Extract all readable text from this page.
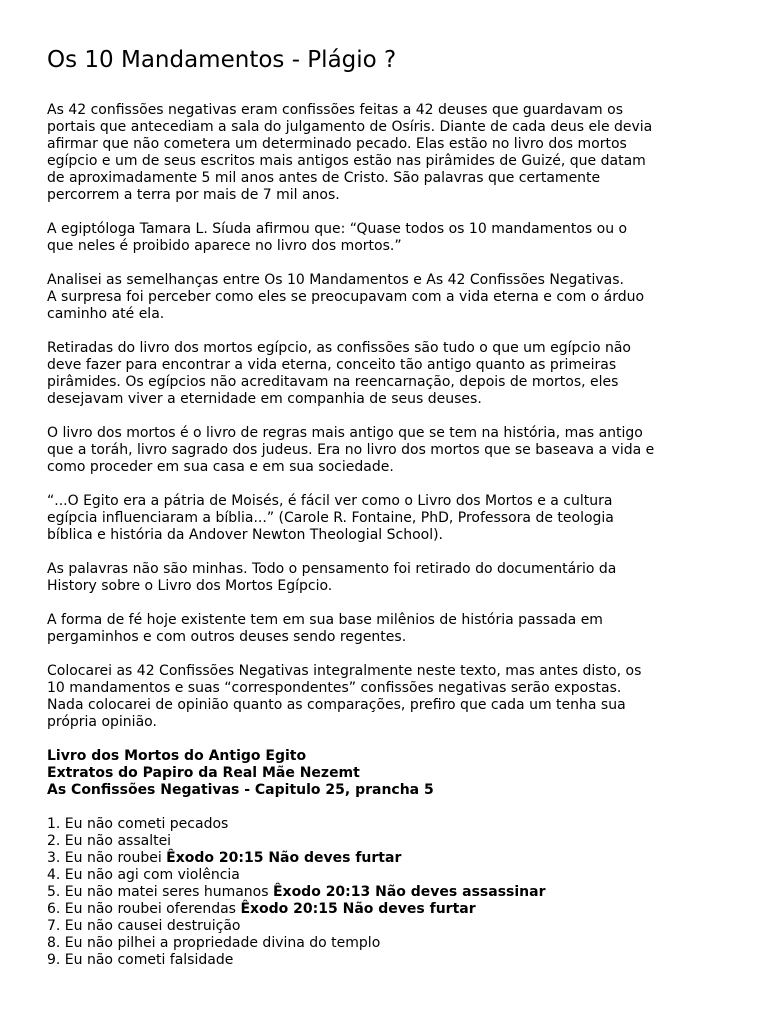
Os 10 Mandamentos - Plágio ?

As 42 confissões negativas eram confissões feitas a 42 deuses que guardavam os
portais que antecediam a sala do julgamento de Osíris. Diante de cada deus ele devia
afirmar que não cometera um determinado pecado. Elas estão no livro dos mortos
egípcio e um de seus escritos mais antigos estão nas pirâmides de Guizé, que datam
de aproximadamente 5 mil anos antes de Cristo. São palavras que certamente
percorrem a terra por mais de 7 mil anos.

A egiptóloga Tamara L. Síuda afirmou que: “Quase todos os 10 mandamentos ou o
que neles é proibido aparece no livro dos mortos.”

Analisei as semelhanças entre Os 10 Mandamentos e As 42 Confissões Negativas.
A surpresa foi perceber como eles se preocupavam com a vida eterna e com o árduo
caminho até ela.

Retiradas do livro dos mortos egípcio, as confissões são tudo o que um egípcio não
deve fazer para encontrar a vida eterna, conceito tão antigo quanto as primeiras
pirâmides. Os egípcios não acreditavam na reencarnação, depois de mortos, eles
desejavam viver a eternidade em companhia de seus deuses.

O livro dos mortos é o livro de regras mais antigo que se tem na história, mas antigo
que a toráh, livro sagrado dos judeus. Era no livro dos mortos que se baseava a vida e
como proceder em sua casa e em sua sociedade.

“...O Egito era a pátria de Moisés, é fácil ver como o Livro dos Mortos e a cultura
egípcia influenciaram a bíblia...” (Carole R. Fontaine, PhD, Professora de teologia
bíblica e história da Andover Newton Theologial School).

As palavras não são minhas. Todo o pensamento foi retirado do documentário da
History sobre o Livro dos Mortos Egípcio.

A forma de fé hoje existente tem em sua base milênios de história passada em
pergaminhos e com outros deuses sendo regentes.

Colocarei as 42 Confissões Negativas integralmente neste texto, mas antes disto, os
10 mandamentos e suas “correspondentes” confissões negativas serão expostas.
Nada colocarei de opinião quanto as comparações, prefiro que cada um tenha sua
própria opinião.

Livro dos Mortos do Antigo Egito
Extratos do Papiro da Real Mãe Nezemt
As Confissões Negativas - Capitulo 25, prancha 5
1. Eu não cometi pecados
2. Eu não assaltei
3. Eu não roubei Êxodo 20:15 Não deves furtar
4. Eu não agi com violência
5. Eu não matei seres humanos Êxodo 20:13 Não deves assassinar
6. Eu não roubei oferendas Êxodo 20:15 Não deves furtar
7. Eu não causei destruição
8. Eu não pilhei a propriedade divina do templo
9. Eu não cometi falsidade
